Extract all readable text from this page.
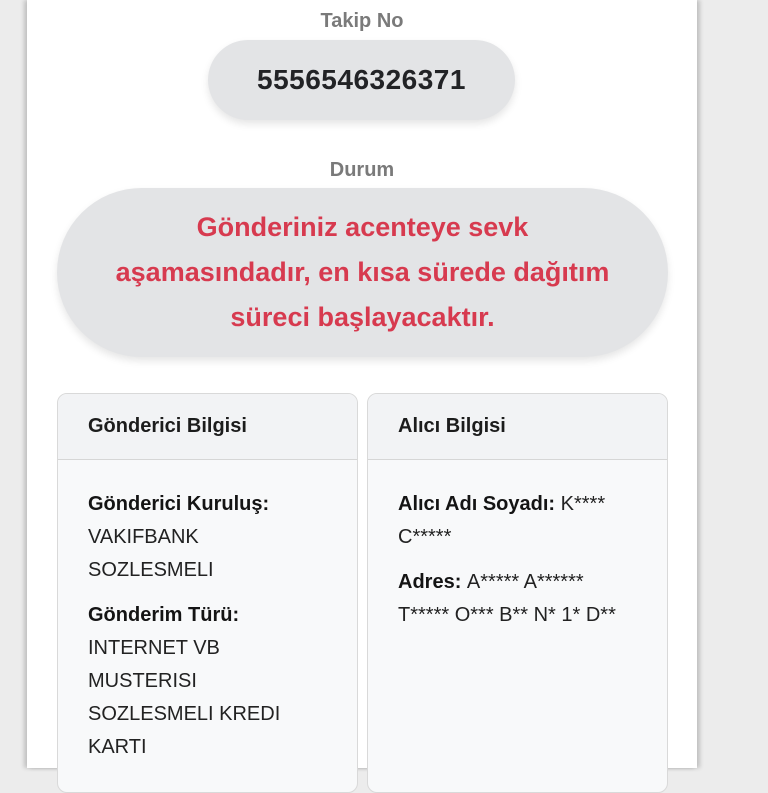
Takip No
5556546326371
Durum
Gönderiniz acenteye sevk aşamasındadır, en kısa sürede dağıtım süreci başlayacaktır.
Gönderici Bilgisi
Gönderici Kuruluş:
VAKIFBANK SOZLESMELI
Gönderim Türü:
INTERNET VB MUSTERISI SOZLESMELI KREDI KARTI
Alıcı Bilgisi
Alıcı Adı Soyadı: K**** C*****
Adres: A***** A****** T***** O*** B** N* 1* D**
